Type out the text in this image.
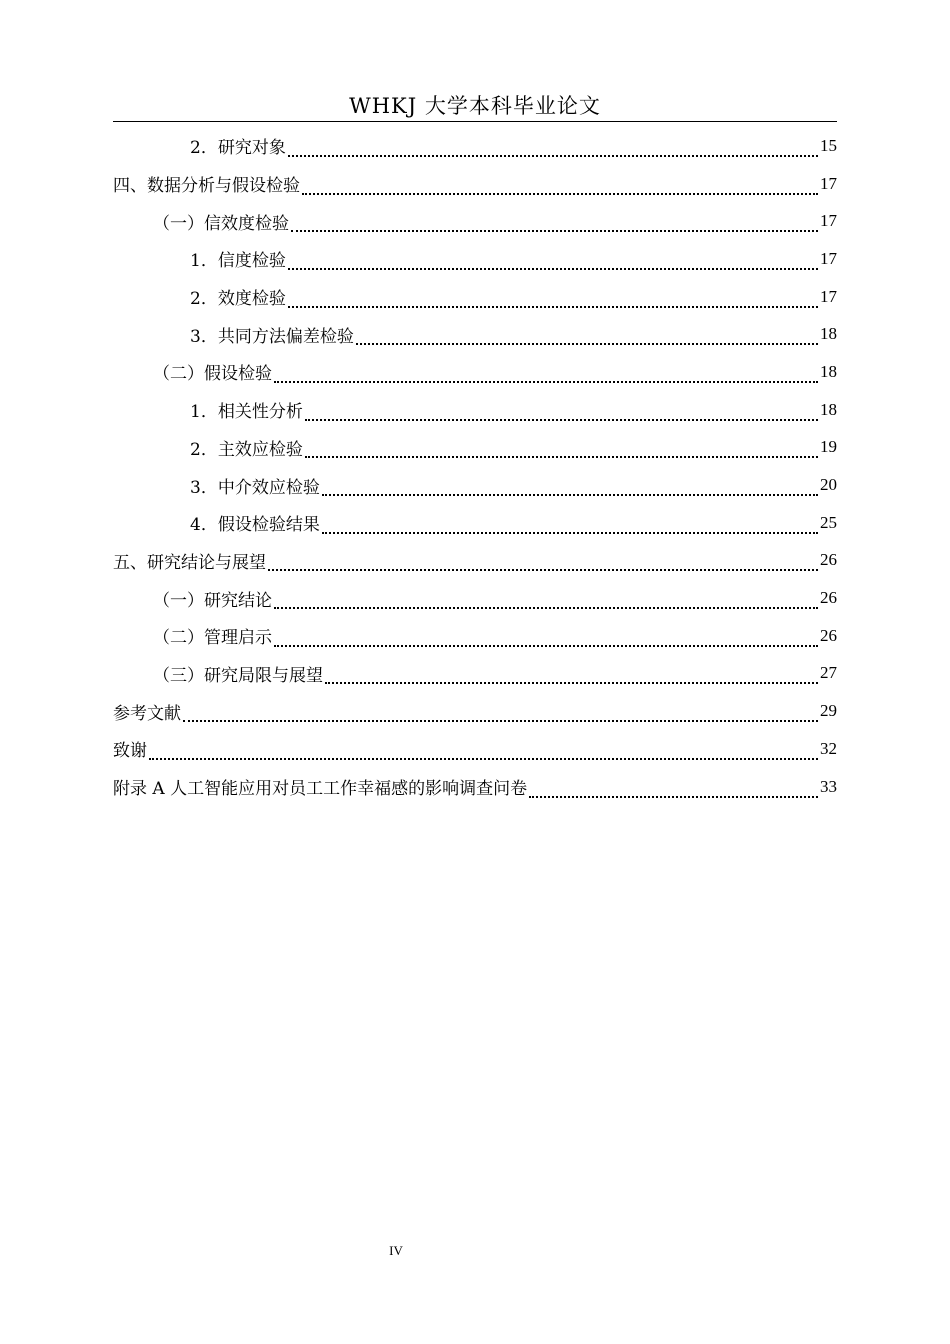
WHKJ 大学本科毕业论文
2．研究对象	15
四、数据分析与假设检验	17
（一）信效度检验	17
1．信度检验	17
2．效度检验	17
3．共同方法偏差检验	18
（二）假设检验	18
1．相关性分析	18
2．主效应检验	19
3．中介效应检验	20
4．假设检验结果	25
五、研究结论与展望	26
（一）研究结论	26
（二）管理启示	26
（三）研究局限与展望	27
参考文献	29
致谢	32
附录 A 人工智能应用对员工工作幸福感的影响调查问卷	33
IV
